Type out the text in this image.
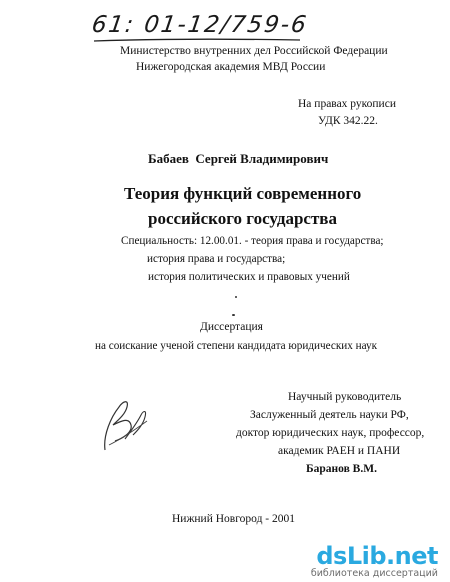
61: 01-12/759-6
Министерство внутренних дел Российской Федерации
Нижегородская академия МВД России
На правах рукописи
УДК 342.22.
Бабаев  Сергей Владимирович
Теория функций современного
российского государства
Специальность: 12.00.01. - теория права и государства;
история права и государства;
история политических и правовых учений
Диссертация
на соискание ученой степени кандидата юридических наук
Научный руководитель
Заслуженный деятель науки РФ,
доктор юридических наук, профессор,
академик РАЕН и ПАНИ
Баранов В.М.
Нижний Новгород - 2001
dsLib.net
библиотека диссертаций
